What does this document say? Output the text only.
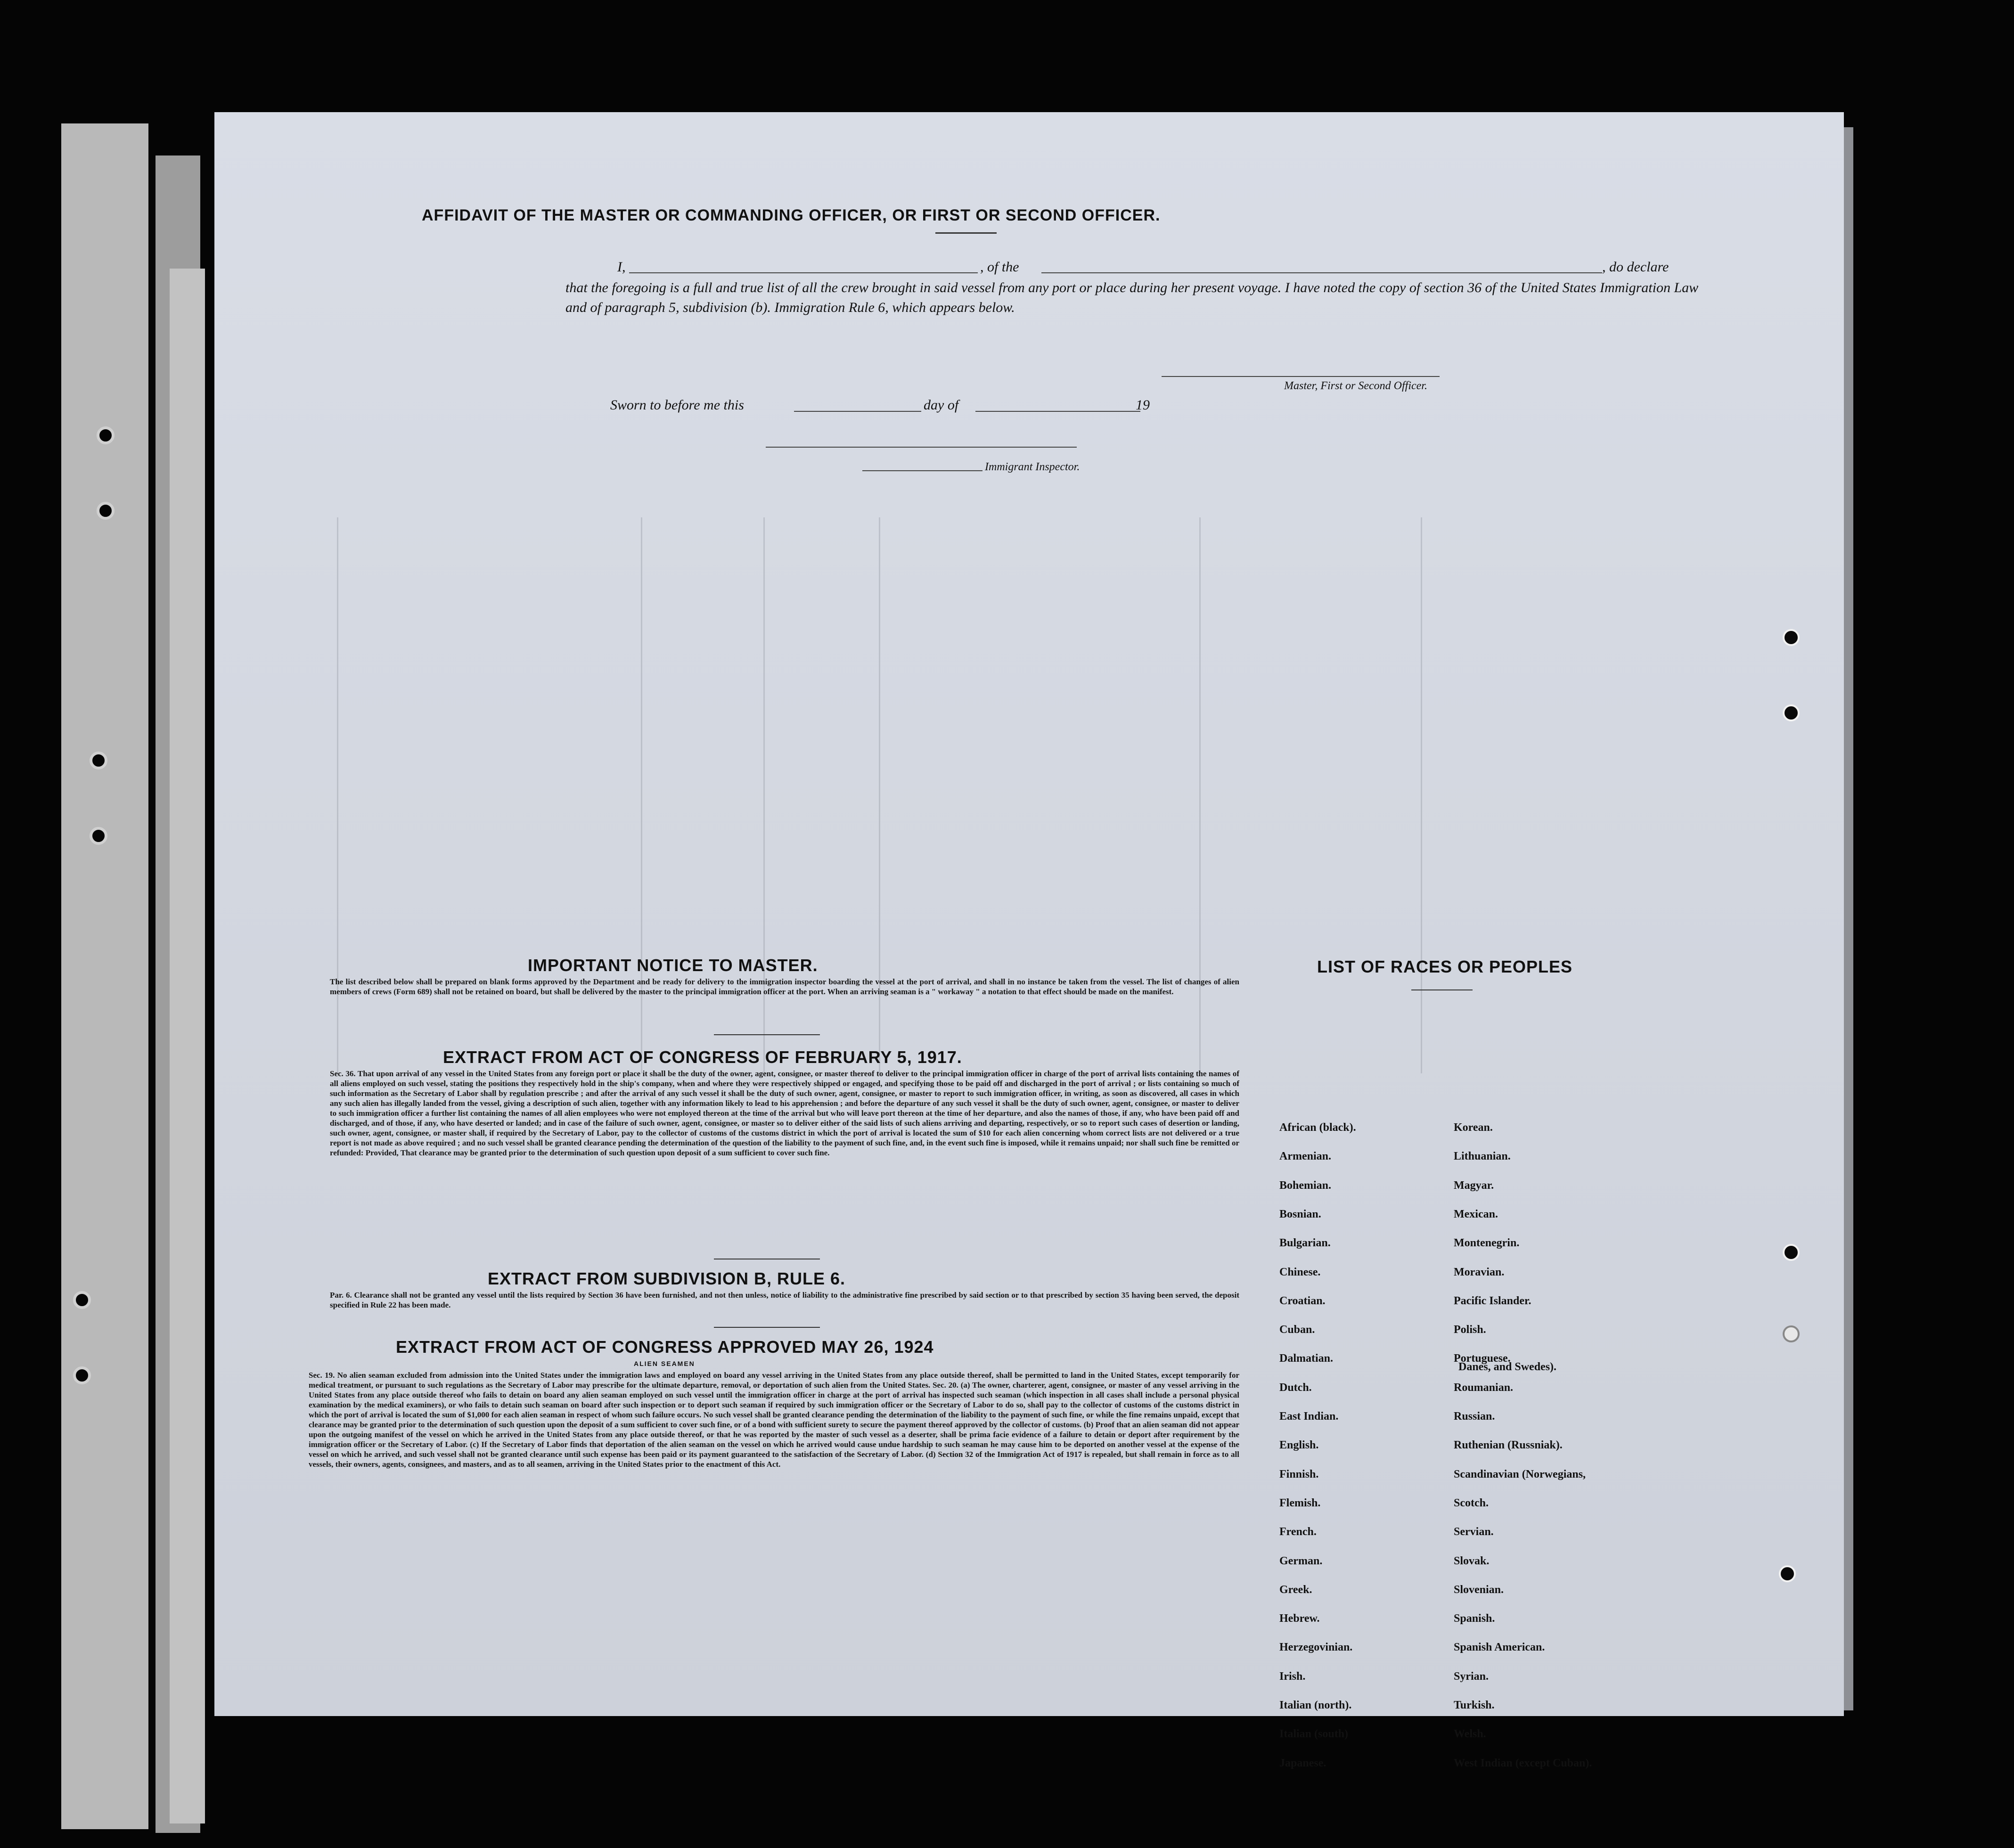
AFFIDAVIT OF THE MASTER OR COMMANDING OFFICER, OR FIRST OR SECOND OFFICER.
I,	, of the	, do declare
that the foregoing is a full and true list of all the crew brought in said vessel from any port or place during her present voyage. I have noted the copy of section 36 of the United States Immigration Law and of paragraph 5, subdivision (b). Immigration Rule 6, which appears below.
Master, First or Second Officer.
Sworn to before me this	day of	19
Immigrant Inspector.
IMPORTANT NOTICE TO MASTER.
The list described below shall be prepared on blank forms approved by the Department and be ready for delivery to the immigration inspector boarding the vessel at the port of arrival, and shall in no instance be taken from the vessel. The list of changes of alien members of crews (Form 689) shall not be retained on board, but shall be delivered by the master to the principal immigration officer at the port. When an arriving seaman is a " workaway " a notation to that effect should be made on the manifest.
EXTRACT FROM ACT OF CONGRESS OF FEBRUARY 5, 1917.
Sec. 36. That upon arrival of any vessel in the United States from any foreign port or place it shall be the duty of the owner, agent, consignee, or master thereof to deliver to the principal immigration officer in charge of the port of arrival lists containing the names of all aliens employed on such vessel, stating the positions they respectively hold in the ship's company, when and where they were respectively shipped or engaged, and specifying those to be paid off and discharged in the port of arrival ; or lists containing so much of such information as the Secretary of Labor shall by regulation prescribe ; and after the arrival of any such vessel it shall be the duty of such owner, agent, consignee, or master to report to such immigration officer, in writing, as soon as discovered, all cases in which any such alien has illegally landed from the vessel, giving a description of such alien, together with any information likely to lead to his apprehension ; and before the departure of any such vessel it shall be the duty of such owner, agent, consignee, or master to deliver to such immigration officer a further list containing the names of all alien employees who were not employed thereon at the time of the arrival but who will leave port thereon at the time of her departure, and also the names of those, if any, who have been paid off and discharged, and of those, if any, who have deserted or landed; and in case of the failure of such owner, agent, consignee, or master so to deliver either of the said lists of such aliens arriving and departing, respectively, or so to report such cases of desertion or landing, such owner, agent, consignee, or master shall, if required by the Secretary of Labor, pay to the collector of customs of the customs district in which the port of arrival is located the sum of $10 for each alien concerning whom correct lists are not delivered or a true report is not made as above required ; and no such vessel shall be granted clearance pending the determination of the question of the liability to the payment of such fine, and, in the event such fine is imposed, while it remains unpaid; nor shall such fine be remitted or refunded: Provided, That clearance may be granted prior to the determination of such question upon deposit of a sum sufficient to cover such fine.
EXTRACT FROM SUBDIVISION B, RULE 6.
Par. 6. Clearance shall not be granted any vessel until the lists required by Section 36 have been furnished, and not then unless, notice of liability to the administrative fine prescribed by said section or to that prescribed by section 35 having been served, the deposit specified in Rule 22 has been made.
EXTRACT FROM ACT OF CONGRESS APPROVED MAY 26, 1924
ALIEN SEAMEN
Sec. 19. No alien seaman excluded from admission into the United States under the immigration laws and employed on board any vessel arriving in the United States from any place outside thereof, shall be permitted to land in the United States, except temporarily for medical treatment, or pursuant to such regulations as the Secretary of Labor may prescribe for the ultimate departure, removal, or deportation of such alien from the United States. Sec. 20. (a) The owner, charterer, agent, consignee, or master of any vessel arriving in the United States from any place outside thereof who fails to detain on board any alien seaman employed on such vessel until the immigration officer in charge at the port of arrival has inspected such seaman (which inspection in all cases shall include a personal physical examination by the medical examiners), or who fails to detain such seaman on board after such inspection or to deport such seaman if required by such immigration officer or the Secretary of Labor to do so, shall pay to the collector of customs of the customs district in which the port of arrival is located the sum of $1,000 for each alien seaman in respect of whom such failure occurs. No such vessel shall be granted clearance pending the determination of the liability to the payment of such fine, or while the fine remains unpaid, except that clearance may be granted prior to the determination of such question upon the deposit of a sum sufficient to cover such fine, or of a bond with sufficient surety to secure the payment thereof approved by the collector of customs. (b) Proof that an alien seaman did not appear upon the outgoing manifest of the vessel on which he arrived in the United States from any place outside thereof, or that he was reported by the master of such vessel as a deserter, shall be prima facie evidence of a failure to detain or deport after requirement by the immigration officer or the Secretary of Labor. (c) If the Secretary of Labor finds that deportation of the alien seaman on the vessel on which he arrived would cause undue hardship to such seaman he may cause him to be deported on another vessel at the expense of the vessel on which he arrived, and such vessel shall not be granted clearance until such expense has been paid or its payment guaranteed to the satisfaction of the Secretary of Labor. (d) Section 32 of the Immigration Act of 1917 is repealed, but shall remain in force as to all vessels, their owners, agents, consignees, and masters, and as to all seamen, arriving in the United States prior to the enactment of this Act.
LIST OF RACES OR PEOPLES
Danes, and Swedes).
African (black).
Armenian.
Bohemian.
Bosnian.
Bulgarian.
Chinese.
Croatian.
Cuban.
Dalmatian.
Dutch.
East Indian.
English.
Finnish.
Flemish.
French.
German.
Greek.
Hebrew.
Herzegovinian.
Irish.
Italian (north).
Italian (south)
Japanese.
Korean.
Lithuanian.
Magyar.
Mexican.
Montenegrin.
Moravian.
Pacific Islander.
Polish.
Portuguese.
Roumanian.
Russian.
Ruthenian (Russniak).
Scandinavian (Norwegians,
Scotch.
Servian.
Slovak.
Slovenian.
Spanish.
Spanish American.
Syrian.
Turkish.
Welsh.
West Indian (except Cuban).
